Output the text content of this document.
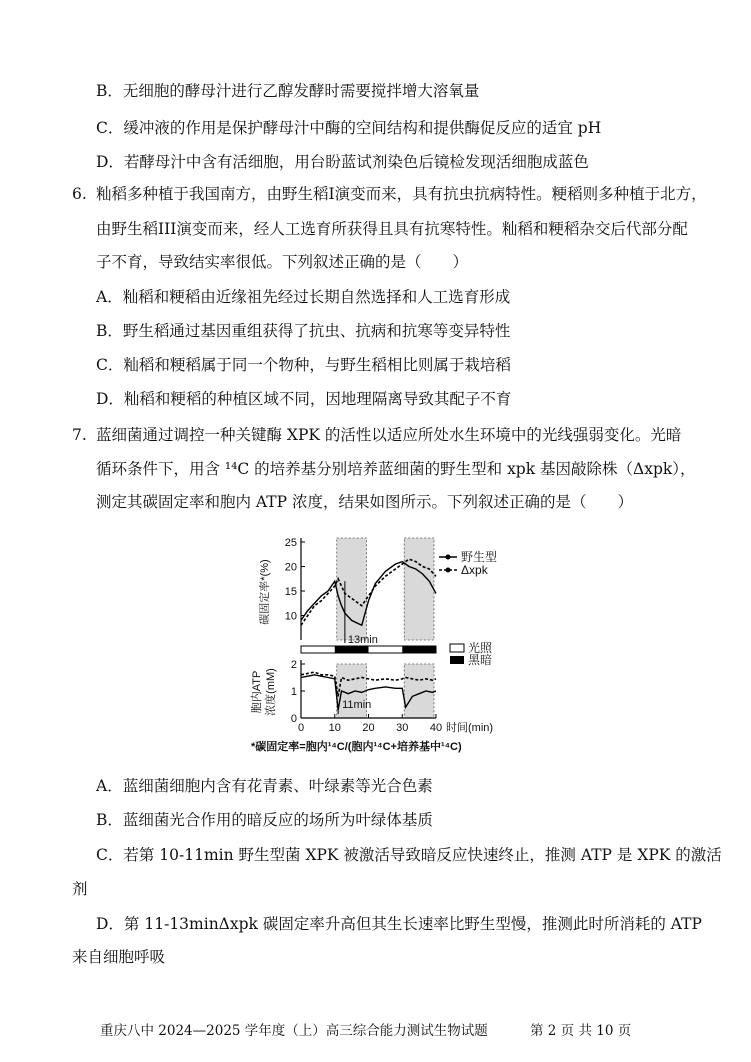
B．无细胞的酵母汁进行乙醇发酵时需要搅拌增大溶氧量
C．缓冲液的作用是保护酵母汁中酶的空间结构和提供酶促反应的适宜 pH
D．若酵母汁中含有活细胞，用台盼蓝试剂染色后镜检发现活细胞成蓝色
6. 籼稻多种植于我国南方，由野生稻I演变而来，具有抗虫抗病特性。粳稻则多种植于北方，
由野生稻III演变而来，经人工选育所获得且具有抗寒特性。籼稻和粳稻杂交后代部分配
子不育，导致结实率很低。下列叙述正确的是（　　）
A．籼稻和粳稻由近缘祖先经过长期自然选择和人工选育形成
B．野生稻通过基因重组获得了抗虫、抗病和抗寒等变异特性
C．籼稻和粳稻属于同一个物种，与野生稻相比则属于栽培稻
D．籼稻和粳稻的种植区域不同，因地理隔离导致其配子不育
7. 蓝细菌通过调控一种关键酶 XPK 的活性以适应所处水生环境中的光线强弱变化。光暗
循环条件下，用含 ¹⁴C 的培养基分别培养蓝细菌的野生型和 xpk 基因敲除株（Δxpk），
测定其碳固定率和胞内 ATP 浓度，结果如图所示。下列叙述正确的是（　　）
25
20
15
10
2
1
0
0 10 20 30 40 时间(min)
野生型
Δxpk
光照
黑暗
13min
11min
碳固定率*(%)
胞内ATP 浓度(mM)
*碳固定率=胞内¹⁴C/(胞内¹⁴C+培养基中¹⁴C)
A．蓝细菌细胞内含有花青素、叶绿素等光合色素
B．蓝细菌光合作用的暗反应的场所为叶绿体基质
C．若第 10-11min 野生型菌 XPK 被激活导致暗反应快速终止，推测 ATP 是 XPK 的激活
剂
D．第 11-13minΔxpk 碳固定率升高但其生长速率比野生型慢，推测此时所消耗的 ATP
来自细胞呼吸
重庆八中 2024—2025 学年度（上）高三综合能力测试生物试题	第 2 页 共 10 页
